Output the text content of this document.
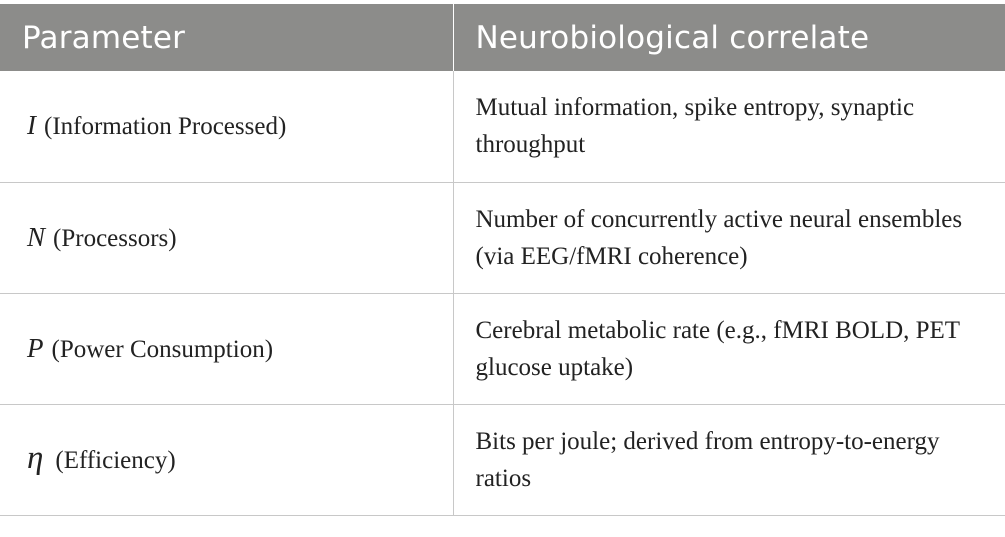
Parameter	Neurobiological correlate
I (Information Processed)	Mutual information, spike entropy, synaptic throughput
N (Processors)	Number of concurrently active neural ensembles (via EEG/fMRI coherence)
P (Power Consumption)	Cerebral metabolic rate (e.g., fMRI BOLD, PET glucose uptake)
η (Efficiency)	Bits per joule; derived from entropy-to-energy ratios
